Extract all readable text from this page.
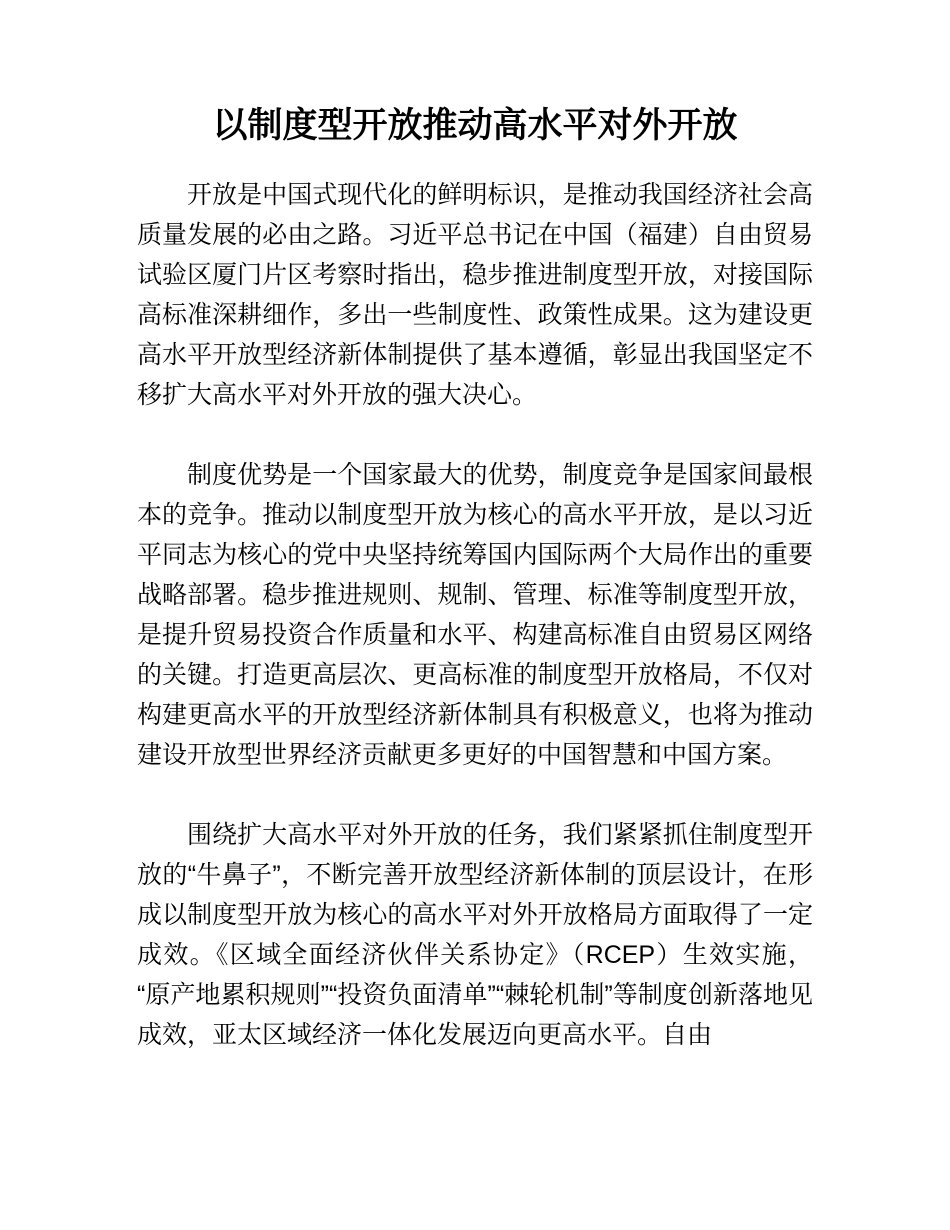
以制度型开放推动高水平对外开放

开放是中国式现代化的鲜明标识，是推动我国经济社会高质量发展的必由之路。习近平总书记在中国（福建）自由贸易试验区厦门片区考察时指出，稳步推进制度型开放，对接国际高标准深耕细作，多出一些制度性、政策性成果。这为建设更高水平开放型经济新体制提供了基本遵循，彰显出我国坚定不移扩大高水平对外开放的强大决心。

制度优势是一个国家最大的优势，制度竞争是国家间最根本的竞争。推动以制度型开放为核心的高水平开放，是以习近平同志为核心的党中央坚持统筹国内国际两个大局作出的重要战略部署。稳步推进规则、规制、管理、标准等制度型开放，是提升贸易投资合作质量和水平、构建高标准自由贸易区网络的关键。打造更高层次、更高标准的制度型开放格局，不仅对构建更高水平的开放型经济新体制具有积极意义，也将为推动建设开放型世界经济贡献更多更好的中国智慧和中国方案。

围绕扩大高水平对外开放的任务，我们紧紧抓住制度型开放的“牛鼻子”，不断完善开放型经济新体制的顶层设计，在形成以制度型开放为核心的高水平对外开放格局方面取得了一定成效。《区域全面经济伙伴关系协定》（RCEP）生效实施，“原产地累积规则”“投资负面清单”“棘轮机制”等制度创新落地见成效，亚太区域经济一体化发展迈向更高水平。自由
